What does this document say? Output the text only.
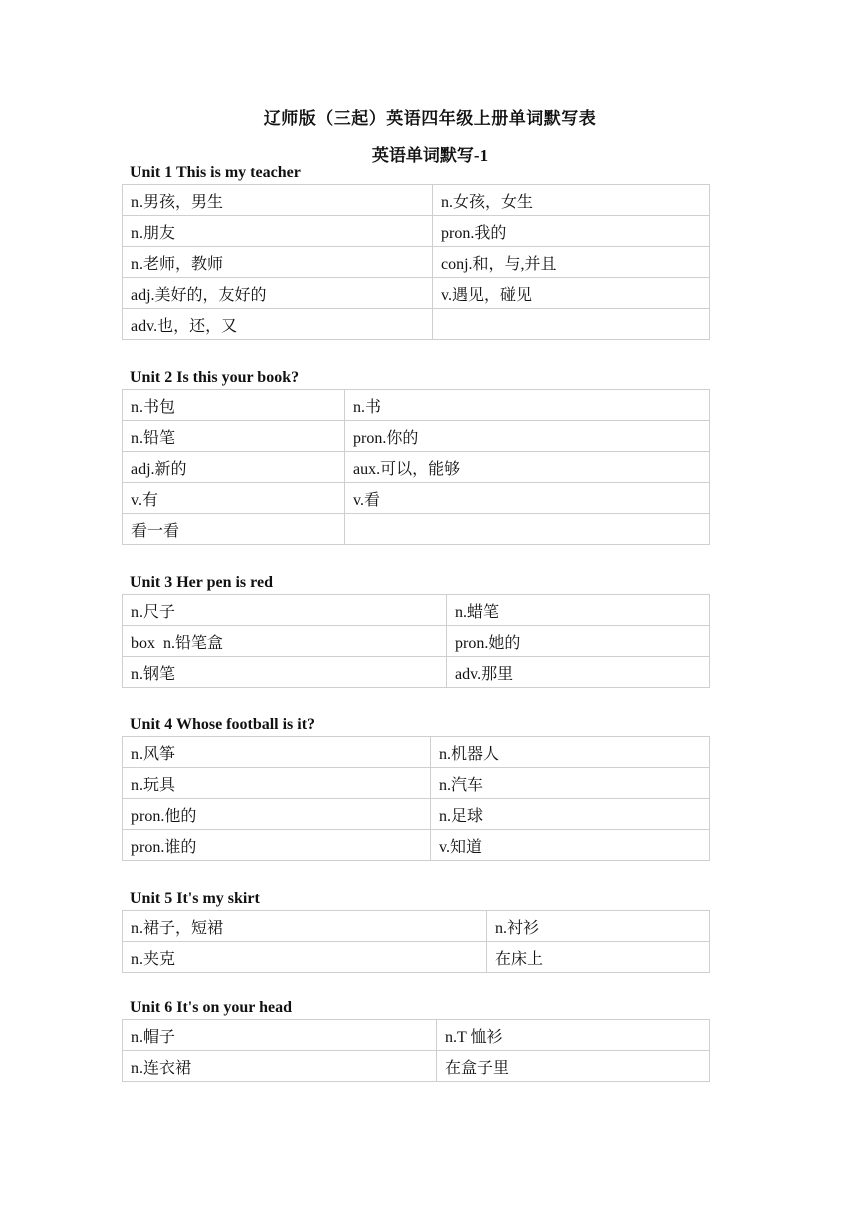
辽师版（三起）英语四年级上册单词默写表
英语单词默写-1
Unit 1 This is my teacher
n.男孩，男生	n.女孩，女生
n.朋友	pron.我的
n.老师，教师	conj.和，与,并且
adj.美好的，友好的	v.遇见，碰见
adv.也，还，又	
Unit 2 Is this your book?
n.书包	n.书
n.铅笔	pron.你的
adj.新的	aux.可以，能够
v.有	v.看
看一看	
Unit 3 Her pen is red
n.尺子	n.蜡笔
box  n.铅笔盒	pron.她的
n.钢笔	adv.那里
Unit 4 Whose football is it?
n.风筝	n.机器人
n.玩具	n.汽车
pron.他的	n.足球
pron.谁的	v.知道
Unit 5 It's my skirt
n.裙子，短裙	n.衬衫
n.夹克	在床上
Unit 6 It's on your head
n.帽子	n.T 恤衫
n.连衣裙	在盒子里
